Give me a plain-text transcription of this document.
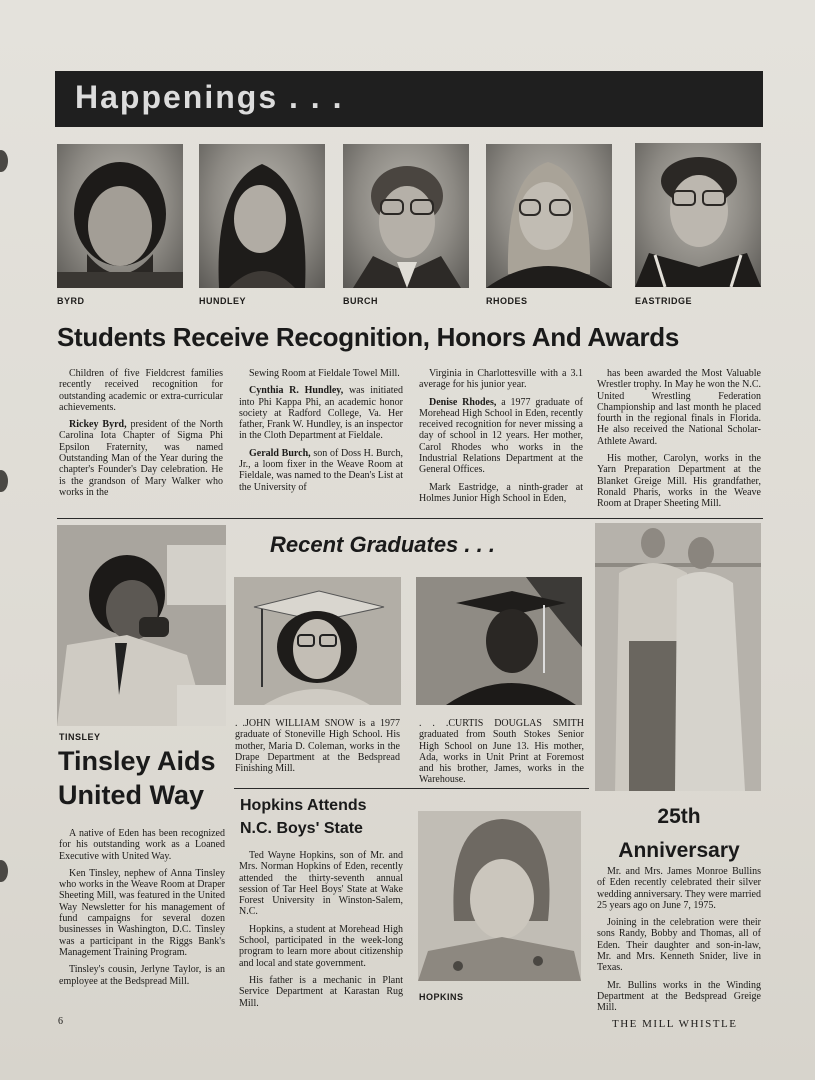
Happenings . . .
BYRD	HUNDLEY	BURCH	RHODES	EASTRIDGE
Students Receive Recognition, Honors And Awards

Children of five Fieldcrest families recently received recognition for outstanding academic or extra-curricular achievements.

Rickey Byrd, president of the North Carolina Iota Chapter of Sigma Phi Epsilon Fraternity, was named Outstanding Man of the Year during the chapter's Founder's Day celebration. He is the grandson of Mary Walker who works in the

Sewing Room at Fieldale Towel Mill.

Cynthia R. Hundley, was initiated into Phi Kappa Phi, an academic honor society at Radford College, Va. Her father, Frank W. Hundley, is an inspector in the Cloth Department at Fieldale.

Gerald Burch, son of Doss H. Burch, Jr., a loom fixer in the Weave Room at Fieldale, was named to the Dean's List at the University of

Virginia in Charlottesville with a 3.1 average for his junior year.

Denise Rhodes, a 1977 graduate of Morehead High School in Eden, recently received recognition for never missing a day of school in 12 years. Her mother, Carol Rhodes who works in the Industrial Relations Department at the General Offices.

Mark Eastridge, a ninth-grader at Holmes Junior High School in Eden,

has been awarded the Most Valuable Wrestler trophy. In May he won the N.C. United Wrestling Federation Championship and last month he placed fourth in the regional finals in Florida. He also received the National Scholar-Athlete Award.

His mother, Carolyn, works in the Yarn Preparation Department at the Blanket Greige Mill. His grandfather, Ronald Pharis, works in the Weave Room at Draper Sheeting Mill.

TINSLEY
Tinsley Aids
United Way

A native of Eden has been recognized for his outstanding work as a Loaned Executive with United Way.

Ken Tinsley, nephew of Anna Tinsley who works in the Weave Room at Draper Sheeting Mill, was featured in the United Way Newsletter for his management of fund campaigns for several dozen businesses in Washington, D.C. Tinsley was a participant in the Riggs Bank's Management Training Program.

Tinsley's cousin, Jerlyne Taylor, is an employee at the Bedspread Mill.

Recent Graduates . . .

. .JOHN WILLIAM SNOW is a 1977 graduate of Stoneville High School. His mother, Maria D. Coleman, works in the Drape Department at the Bedspread Finishing Mill.

. . .CURTIS DOUGLAS SMITH graduated from South Stokes Senior High School on June 13. His mother, Ada, works in Unit Print at Foremost and his brother, James, works in the Warehouse.

Hopkins Attends
N.C. Boys' State

Ted Wayne Hopkins, son of Mr. and Mrs. Norman Hopkins of Eden, recently attended the thirty-seventh annual session of Tar Heel Boys' State at Wake Forest University in Winston-Salem, N.C.

Hopkins, a student at Morehead High School, participated in the week-long program to learn more about citizenship and local and state government.

His father is a mechanic in Plant Service Department at Karastan Rug Mill.

HOPKINS
25th
Anniversary

Mr. and Mrs. James Monroe Bullins of Eden recently celebrated their silver wedding anniversary. They were married 25 years ago on June 7, 1975.

Joining in the celebration were their sons Randy, Bobby and Thomas, all of Eden. Their daughter and son-in-law, Mr. and Mrs. Kenneth Snider, live in Texas.

Mr. Bullins works in the Winding Department at the Bedspread Greige Mill.

6	THE MILL WHISTLE
